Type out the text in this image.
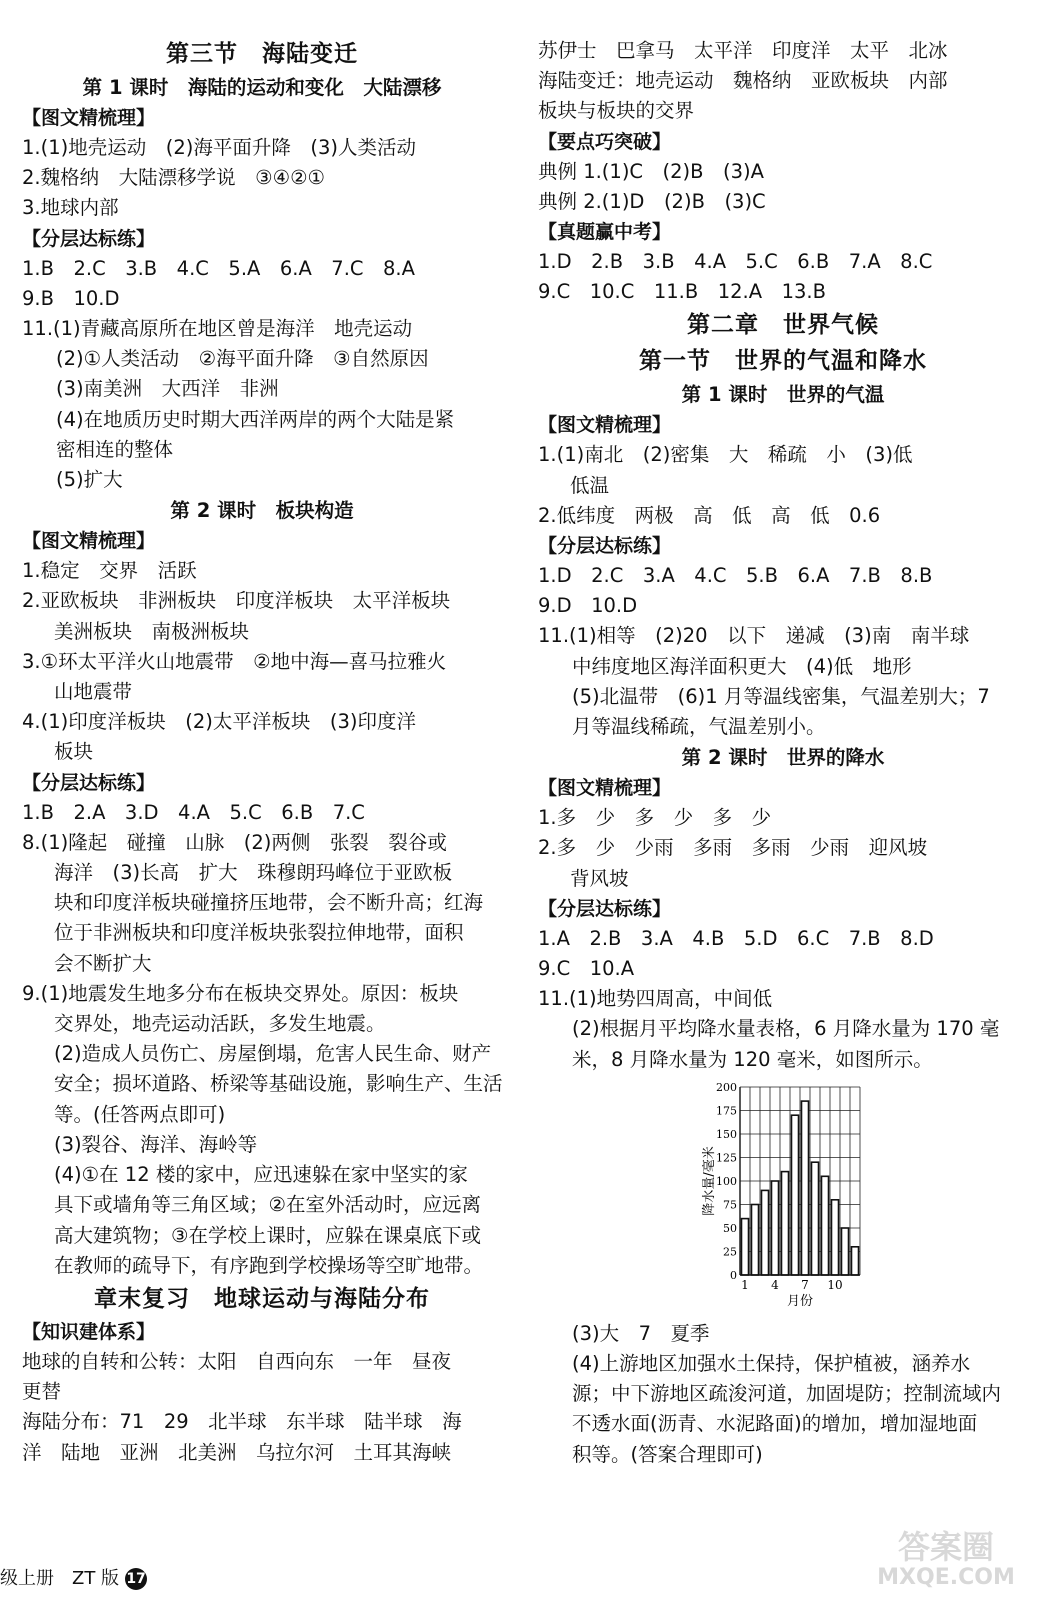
第三节　海陆变迁
第 1 课时　海陆的运动和变化　大陆漂移
【图文精梳理】
1.(1)地壳运动　(2)海平面升降　(3)人类活动
2.魏格纳　大陆漂移学说　③④②①
3.地球内部
【分层达标练】
1.B　2.C　3.B　4.C　5.A　6.A　7.C　8.A
9.B　10.D
11.(1)青藏高原所在地区曾是海洋　地壳运动
(2)①人类活动　②海平面升降　③自然原因
(3)南美洲　大西洋　非洲
(4)在地质历史时期大西洋两岸的两个大陆是紧
密相连的整体
(5)扩大
第 2 课时　板块构造
【图文精梳理】
1.稳定　交界　活跃
2.亚欧板块　非洲板块　印度洋板块　太平洋板块
美洲板块　南极洲板块
3.①环太平洋火山地震带　②地中海—喜马拉雅火
山地震带
4.(1)印度洋板块　(2)太平洋板块　(3)印度洋
板块
【分层达标练】
1.B　2.A　3.D　4.A　5.C　6.B　7.C
8.(1)隆起　碰撞　山脉　(2)两侧　张裂　裂谷或
海洋　(3)长高　扩大　珠穆朗玛峰位于亚欧板
块和印度洋板块碰撞挤压地带，会不断升高；红海
位于非洲板块和印度洋板块张裂拉伸地带，面积
会不断扩大
9.(1)地震发生地多分布在板块交界处。原因：板块
交界处，地壳运动活跃，多发生地震。
(2)造成人员伤亡、房屋倒塌，危害人民生命、财产
安全；损坏道路、桥梁等基础设施，影响生产、生活
等。(任答两点即可)
(3)裂谷、海洋、海岭等
(4)①在 12 楼的家中，应迅速躲在家中坚实的家
具下或墙角等三角区域；②在室外活动时，应远离
高大建筑物；③在学校上课时，应躲在课桌底下或
在教师的疏导下，有序跑到学校操场等空旷地带。
章末复习　地球运动与海陆分布
【知识建体系】
地球的自转和公转：太阳　自西向东　一年　昼夜
更替
海陆分布：71　29　北半球　东半球　陆半球　海
洋　陆地　亚洲　北美洲　乌拉尔河　土耳其海峡
苏伊士　巴拿马　太平洋　印度洋　太平　北冰
海陆变迁：地壳运动　魏格纳　亚欧板块　内部
板块与板块的交界
【要点巧突破】
典例 1.(1)C　(2)B　(3)A
典例 2.(1)D　(2)B　(3)C
【真题赢中考】
1.D　2.B　3.B　4.A　5.C　6.B　7.A　8.C
9.C　10.C　11.B　12.A　13.B
第二章　世界气候
第一节　世界的气温和降水
第 1 课时　世界的气温
【图文精梳理】
1.(1)南北　(2)密集　大　稀疏　小　(3)低
低温
2.低纬度　两极　高　低　高　低　0.6
【分层达标练】
1.D　2.C　3.A　4.C　5.B　6.A　7.B　8.B
9.D　10.D
11.(1)相等　(2)20　以下　递减　(3)南　南半球
中纬度地区海洋面积更大　(4)低　地形
(5)北温带　(6)1 月等温线密集，气温差别大；7
月等温线稀疏，气温差别小。
第 2 课时　世界的降水
【图文精梳理】
1.多　少　多　少　多　少
2.多　少　少雨　多雨　多雨　少雨　迎风坡
背风坡
【分层达标练】
1.A　2.B　3.A　4.B　5.D　6.C　7.B　8.D
9.C　10.A
11.(1)地势四周高，中间低
(2)根据月平均降水量表格，6 月降水量为 170 毫
米，8 月降水量为 120 毫米，如图所示。
0
25
50
75
100
125
150
175
200
1 4 7 10
月份
降水量/毫米
(3)大　7　夏季
(4)上游地区加强水土保持，保护植被，涵养水
源；中下游地区疏浚河道，加固堤防；控制流域内
不透水面(沥青、水泥路面)的增加，增加湿地面
积等。(答案合理即可)
级上册　ZT 版 17
答案圈
MXQE.COM
